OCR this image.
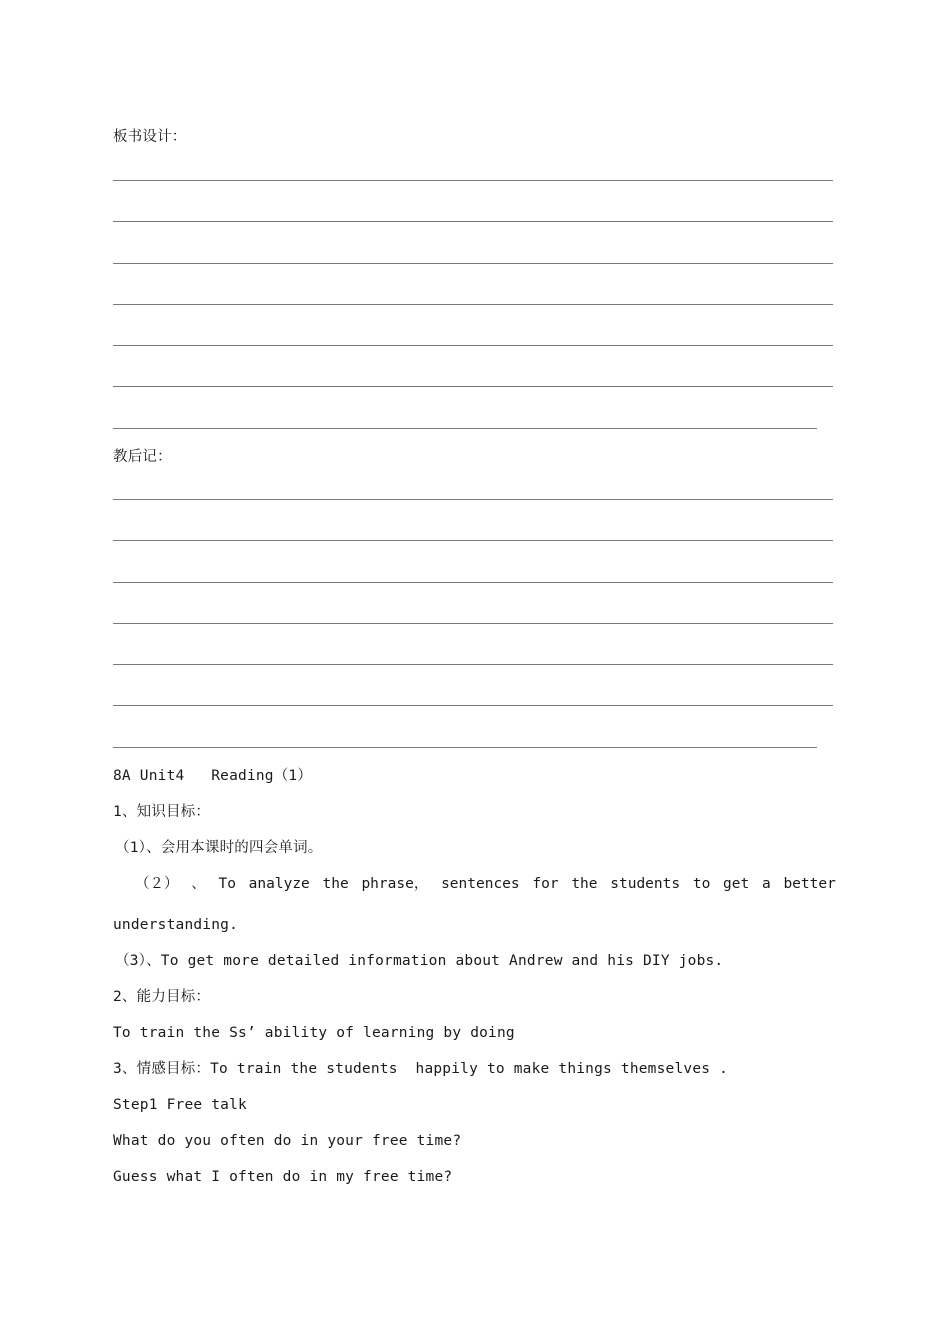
板书设计：
教后记：
8A Unit4   Reading（1）
1、知识目标：
（1）、会用本课时的四会单词。
（２） 、 To analyze the phrase， sentences for the students to get a better
understanding.
（3）、To get more detailed information about Andrew and his DIY jobs.
2、能力目标：
To train the Ss’ ability of learning by doing
3、情感目标：To train the students  happily to make things themselves .
Step1 Free talk
What do you often do in your free time?
Guess what I often do in my free time?
